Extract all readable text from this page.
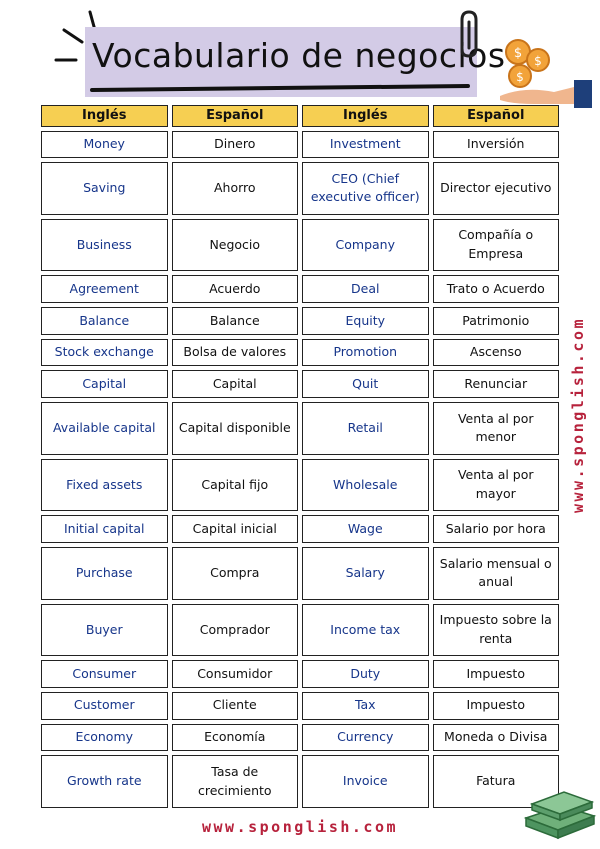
Vocabulario de negocios $ $
$
Inglés	Español	Inglés	Español
Money	Dinero	Investment	Inversión
Saving	Ahorro	CEO (Chief executive officer)	Director ejecutivo
Business	Negocio	Company	Compañía o Empresa
Agreement	Acuerdo	Deal	Trato o Acuerdo
Balance	Balance	Equity	Patrimonio
Stock exchange	Bolsa de valores	Promotion	Ascenso
Capital	Capital	Quit	Renunciar
Available capital	Capital disponible	Retail	Venta al por menor
Fixed assets	Capital fijo	Wholesale	Venta al por mayor
Initial capital	Capital inicial	Wage	Salario por hora
Purchase	Compra	Salary	Salario mensual o anual
Buyer	Comprador	Income tax	Impuesto sobre la renta
Consumer	Consumidor	Duty	Impuesto
Customer	Cliente	Tax	Impuesto
Economy	Economía	Currency	Moneda o Divisa
Growth rate	Tasa de crecimiento	Invoice	Fatura
www.sponglish.com
www.sponglish.com
